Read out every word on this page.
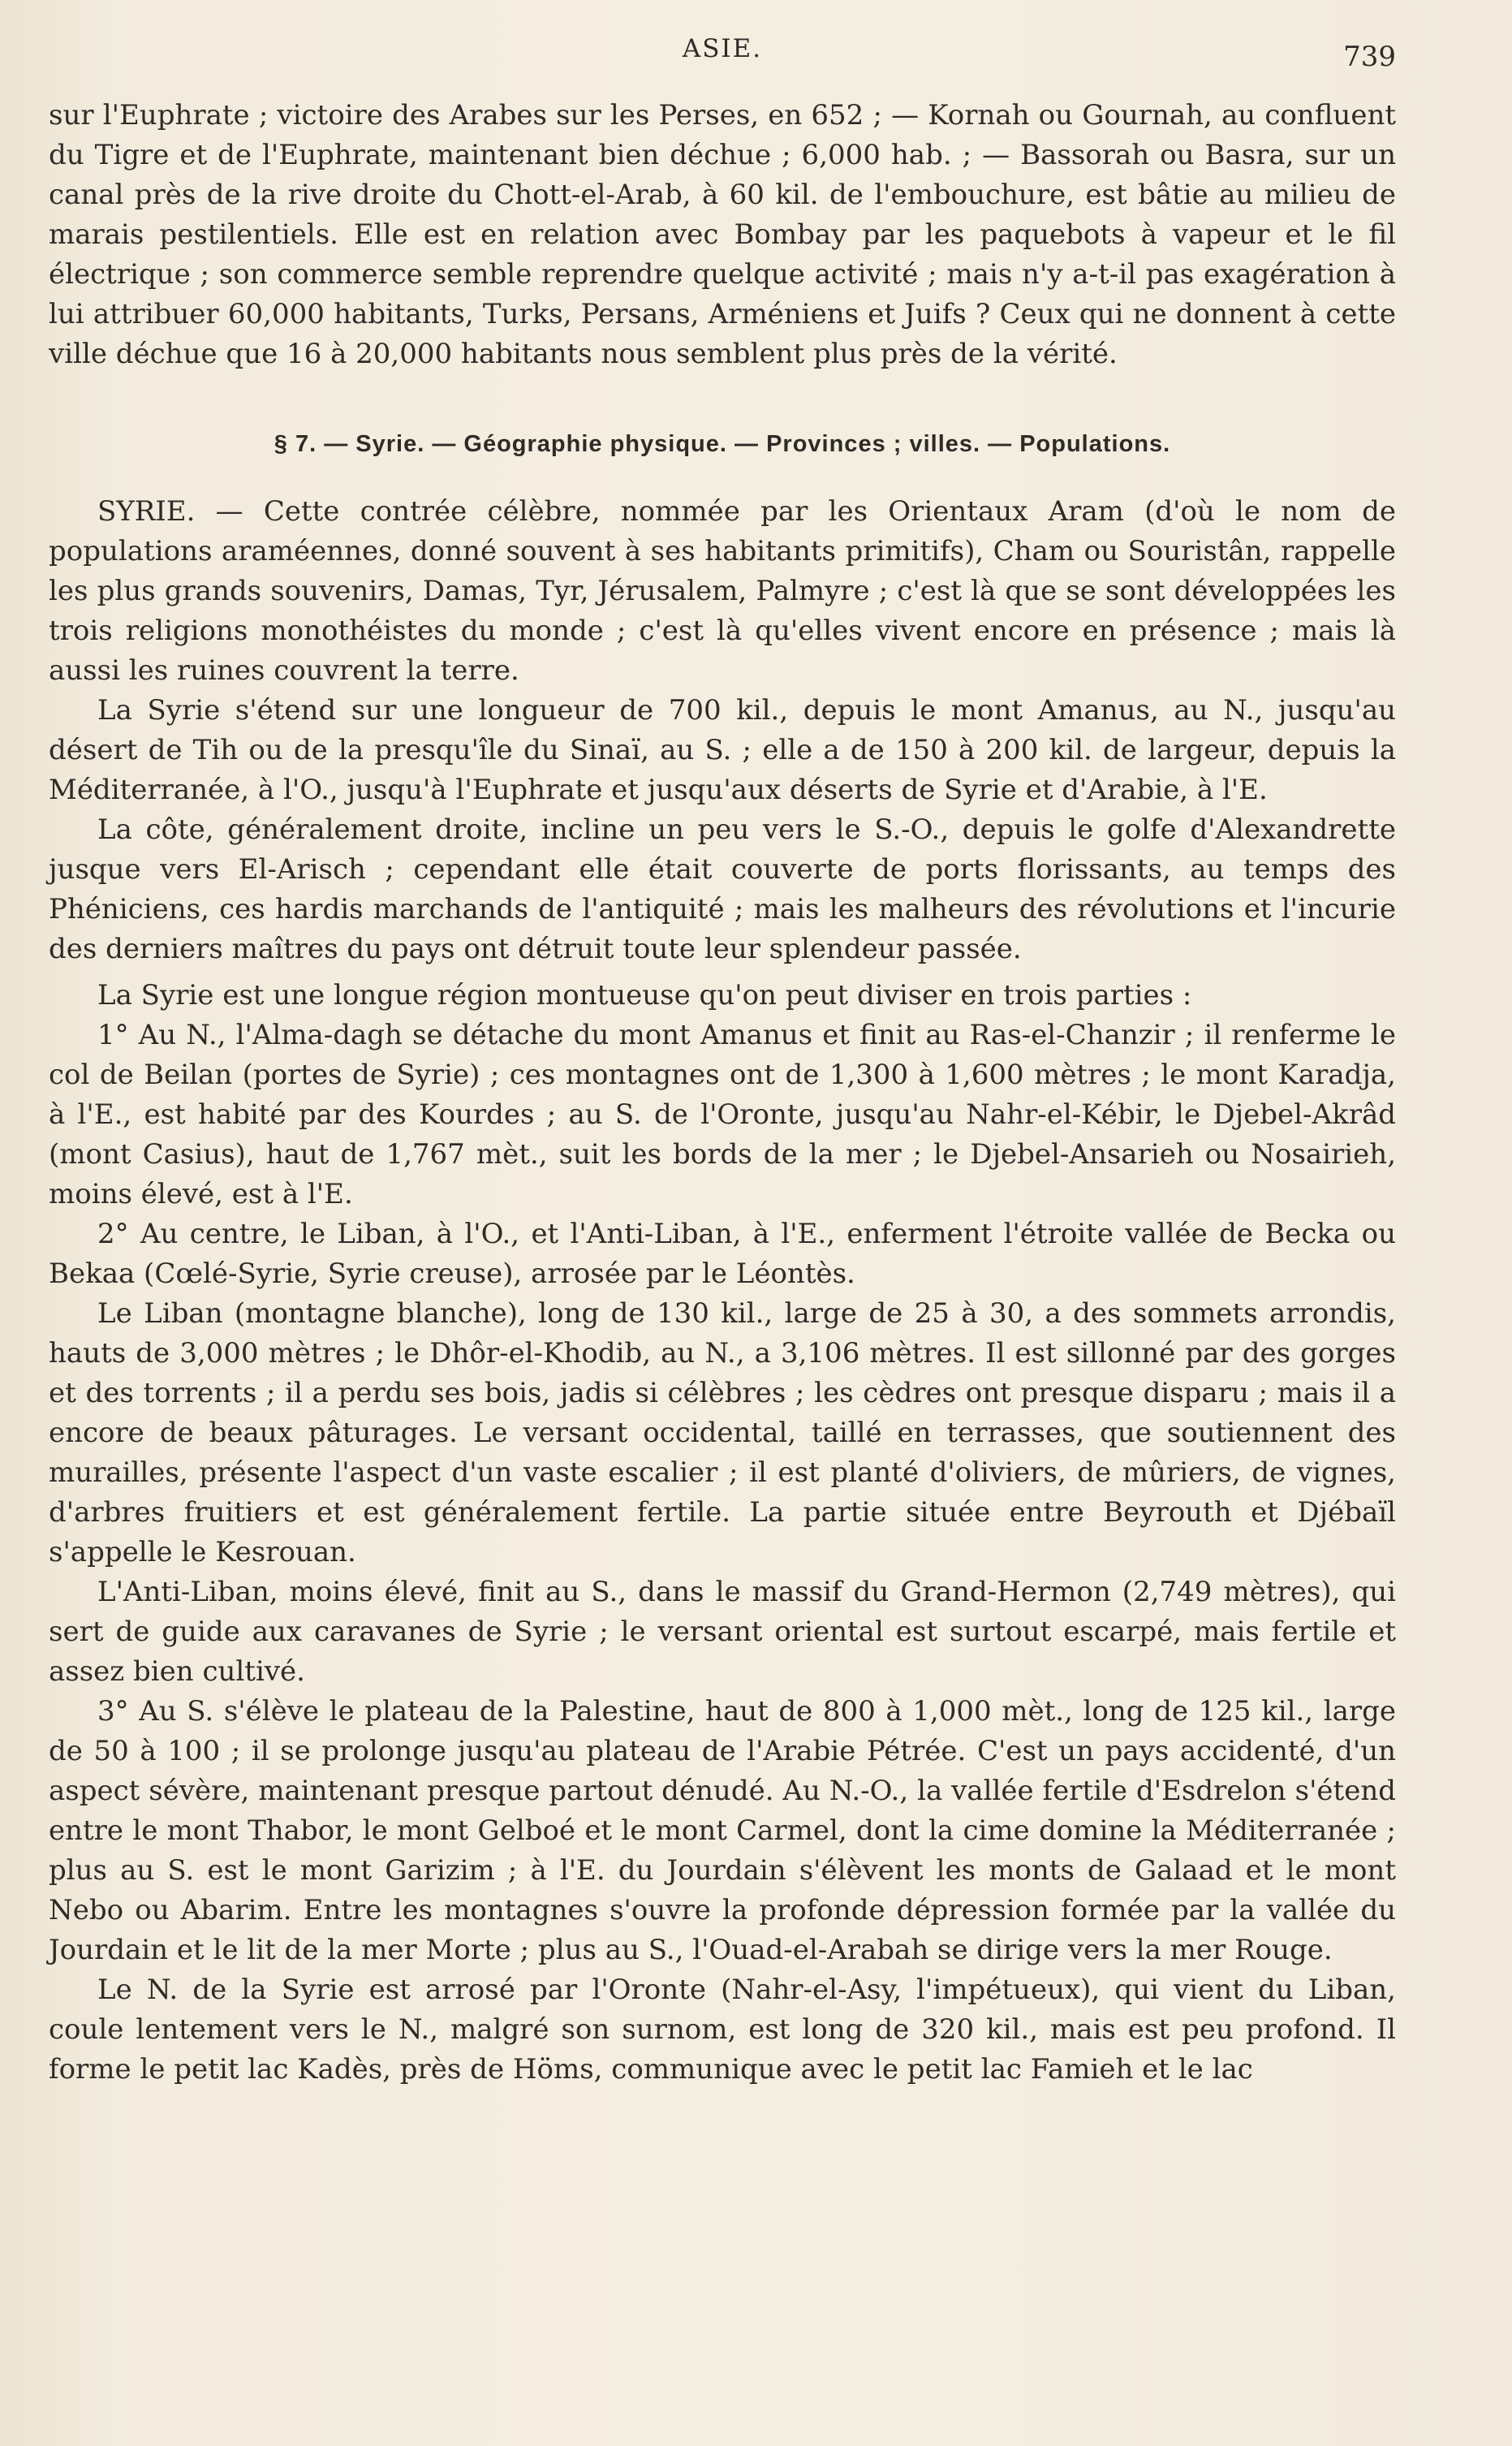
ASIE.	739

sur l'Euphrate ; victoire des Arabes sur les Perses, en 652 ; — Kornah ou Gournah, au confluent du Tigre et de l'Euphrate, maintenant bien déchue ; 6,000 hab. ; — Bassorah ou Basra, sur un canal près de la rive droite du Chott-el-Arab, à 60 kil. de l'embouchure, est bâtie au milieu de marais pestilentiels. Elle est en relation avec Bombay par les paquebots à vapeur et le fil électrique ; son commerce semble reprendre quelque activité ; mais n'y a-t-il pas exagération à lui attribuer 60,000 habitants, Turks, Persans, Arméniens et Juifs ? Ceux qui ne donnent à cette ville déchue que 16 à 20,000 habitants nous semblent plus près de la vérité.

§ 7. — Syrie. — Géographie physique. — Provinces ; villes. — Populations.

SYRIE. — Cette contrée célèbre, nommée par les Orientaux Aram (d'où le nom de populations araméennes, donné souvent à ses habitants primitifs), Cham ou Souristân, rappelle les plus grands souvenirs, Damas, Tyr, Jérusalem, Palmyre ; c'est là que se sont développées les trois religions monothéistes du monde ; c'est là qu'elles vivent encore en présence ; mais là aussi les ruines couvrent la terre.

La Syrie s'étend sur une longueur de 700 kil., depuis le mont Amanus, au N., jusqu'au désert de Tih ou de la presqu'île du Sinaï, au S. ; elle a de 150 à 200 kil. de largeur, depuis la Méditerranée, à l'O., jusqu'à l'Euphrate et jusqu'aux déserts de Syrie et d'Arabie, à l'E.

La côte, généralement droite, incline un peu vers le S.-O., depuis le golfe d'Alexandrette jusque vers El-Arisch ; cependant elle était couverte de ports florissants, au temps des Phéniciens, ces hardis marchands de l'antiquité ; mais les malheurs des révolutions et l'incurie des derniers maîtres du pays ont détruit toute leur splendeur passée.

La Syrie est une longue région montueuse qu'on peut diviser en trois parties :

1° Au N., l'Alma-dagh se détache du mont Amanus et finit au Ras-el-Chanzir ; il renferme le col de Beilan (portes de Syrie) ; ces montagnes ont de 1,300 à 1,600 mètres ; le mont Karadja, à l'E., est habité par des Kourdes ; au S. de l'Oronte, jusqu'au Nahr-el-Kébir, le Djebel-Akrâd (mont Casius), haut de 1,767 mèt., suit les bords de la mer ; le Djebel-Ansarieh ou Nosairieh, moins élevé, est à l'E.

2° Au centre, le Liban, à l'O., et l'Anti-Liban, à l'E., enferment l'étroite vallée de Becka ou Bekaa (Cœlé-Syrie, Syrie creuse), arrosée par le Léontès.

Le Liban (montagne blanche), long de 130 kil., large de 25 à 30, a des sommets arrondis, hauts de 3,000 mètres ; le Dhôr-el-Khodib, au N., a 3,106 mètres. Il est sillonné par des gorges et des torrents ; il a perdu ses bois, jadis si célèbres ; les cèdres ont presque disparu ; mais il a encore de beaux pâturages. Le versant occidental, taillé en terrasses, que soutiennent des murailles, présente l'aspect d'un vaste escalier ; il est planté d'oliviers, de mûriers, de vignes, d'arbres fruitiers et est généralement fertile. La partie située entre Beyrouth et Djébaïl s'appelle le Kesrouan.

L'Anti-Liban, moins élevé, finit au S., dans le massif du Grand-Hermon (2,749 mètres), qui sert de guide aux caravanes de Syrie ; le versant oriental est surtout escarpé, mais fertile et assez bien cultivé.

3° Au S. s'élève le plateau de la Palestine, haut de 800 à 1,000 mèt., long de 125 kil., large de 50 à 100 ; il se prolonge jusqu'au plateau de l'Arabie Pétrée. C'est un pays accidenté, d'un aspect sévère, maintenant presque partout dénudé. Au N.-O., la vallée fertile d'Esdrelon s'étend entre le mont Thabor, le mont Gelboé et le mont Carmel, dont la cime domine la Méditerranée ; plus au S. est le mont Garizim ; à l'E. du Jourdain s'élèvent les monts de Galaad et le mont Nebo ou Abarim. Entre les montagnes s'ouvre la profonde dépression formée par la vallée du Jourdain et le lit de la mer Morte ; plus au S., l'Ouad-el-Arabah se dirige vers la mer Rouge.

Le N. de la Syrie est arrosé par l'Oronte (Nahr-el-Asy, l'impétueux), qui vient du Liban, coule lentement vers le N., malgré son surnom, est long de 320 kil., mais est peu profond. Il forme le petit lac Kadès, près de Höms, communique avec le petit lac Famieh et le lac
